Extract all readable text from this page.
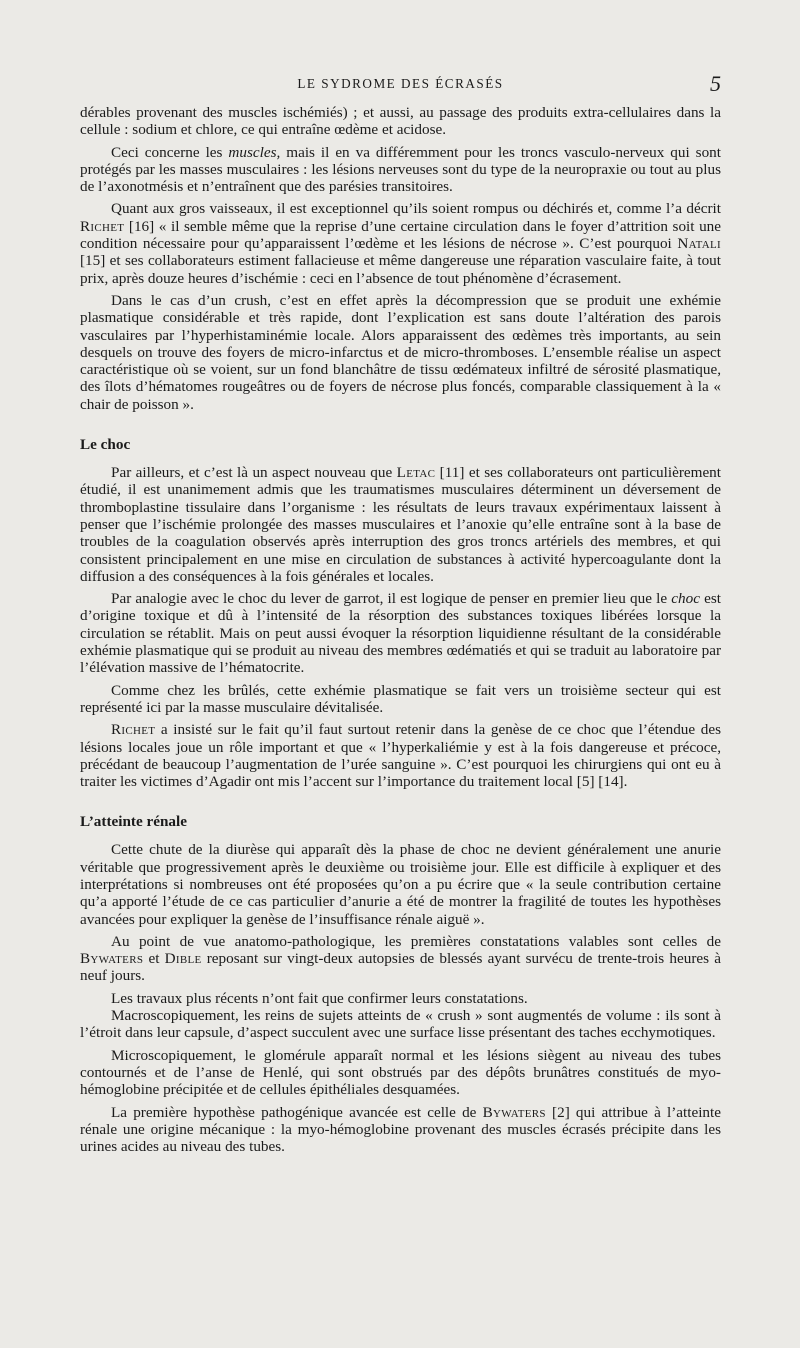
LE SYDROME DES ÉCRASÉS	5

dérables provenant des muscles ischémiés) ; et aussi, au passage des produits extra-cellulaires dans la cellule : sodium et chlore, ce qui entraîne œdème et acidose.

Ceci concerne les muscles, mais il en va différemment pour les troncs vasculo-nerveux qui sont protégés par les masses musculaires : les lésions nerveuses sont du type de la neuropraxie ou tout au plus de l’axonotmésis et n’entraînent que des parésies transitoires.

Quant aux gros vaisseaux, il est exceptionnel qu’ils soient rompus ou déchirés et, comme l’a décrit Richet [16] « il semble même que la reprise d’une certaine circulation dans le foyer d’attrition soit une condition nécessaire pour qu’apparaissent l’œdème et les lésions de nécrose ». C’est pourquoi Natali [15] et ses collaborateurs estiment fallacieuse et même dangereuse une réparation vasculaire faite, à tout prix, après douze heures d’ischémie : ceci en l’absence de tout phénomène d’écrasement.

Dans le cas d’un crush, c’est en effet après la décompression que se produit une exhémie plasmatique considérable et très rapide, dont l’explication est sans doute l’altération des parois vasculaires par l’hyperhistaminémie locale. Alors apparaissent des œdèmes très importants, au sein desquels on trouve des foyers de micro-infarctus et de micro-thromboses. L’ensemble réalise un aspect caractéristique où se voient, sur un fond blanchâtre de tissu œdémateux infiltré de sérosité plasmatique, des îlots d’hématomes rougeâtres ou de foyers de nécrose plus foncés, comparable classiquement à la « chair de poisson ».

Le choc

Par ailleurs, et c’est là un aspect nouveau que Letac [11] et ses collaborateurs ont particulièrement étudié, il est unanimement admis que les traumatismes musculaires déterminent un déversement de thromboplastine tissulaire dans l’organisme : les résultats de leurs travaux expérimentaux laissent à penser que l’ischémie prolongée des masses musculaires et l’anoxie qu’elle entraîne sont à la base de troubles de la coagulation observés après interruption des gros troncs artériels des membres, et qui consistent principalement en une mise en circulation de substances à activité hypercoagulante dont la diffusion a des conséquences à la fois générales et locales.

Par analogie avec le choc du lever de garrot, il est logique de penser en premier lieu que le choc est d’origine toxique et dû à l’intensité de la résorption des substances toxiques libérées lorsque la circulation se rétablit. Mais on peut aussi évoquer la résorption liquidienne résultant de la considérable exhémie plasmatique qui se produit au niveau des membres œdématiés et qui se traduit au laboratoire par l’élévation massive de l’hématocrite.

Comme chez les brûlés, cette exhémie plasmatique se fait vers un troisième secteur qui est représenté ici par la masse musculaire dévitalisée.

Richet a insisté sur le fait qu’il faut surtout retenir dans la genèse de ce choc que l’étendue des lésions locales joue un rôle important et que « l’hyperkaliémie y est à la fois dangereuse et précoce, précédant de beaucoup l’augmentation de l’urée sanguine ». C’est pourquoi les chirurgiens qui ont eu à traiter les victimes d’Agadir ont mis l’accent sur l’importance du traitement local [5] [14].

L’atteinte rénale

Cette chute de la diurèse qui apparaît dès la phase de choc ne devient généralement une anurie véritable que progressivement après le deuxième ou troisième jour. Elle est difficile à expliquer et des interprétations si nombreuses ont été proposées qu’on a pu écrire que « la seule contribution certaine qu’a apporté l’étude de ce cas particulier d’anurie a été de montrer la fragilité de toutes les hypothèses avancées pour expliquer la genèse de l’insuffisance rénale aiguë ».

Au point de vue anatomo-pathologique, les premières constatations valables sont celles de Bywaters et Dible reposant sur vingt-deux autopsies de blessés ayant survécu de trente-trois heures à neuf jours.

Les travaux plus récents n’ont fait que confirmer leurs constatations.

Macroscopiquement, les reins de sujets atteints de « crush » sont augmentés de volume : ils sont à l’étroit dans leur capsule, d’aspect succulent avec une surface lisse présentant des taches ecchymotiques.

Microscopiquement, le glomérule apparaît normal et les lésions siègent au niveau des tubes contournés et de l’anse de Henlé, qui sont obstrués par des dépôts brunâtres constitués de myo-hémoglobine précipitée et de cellules épithéliales desquamées.

La première hypothèse pathogénique avancée est celle de Bywaters [2] qui attribue à l’atteinte rénale une origine mécanique : la myo-hémoglobine provenant des muscles écrasés précipite dans les urines acides au niveau des tubes.
